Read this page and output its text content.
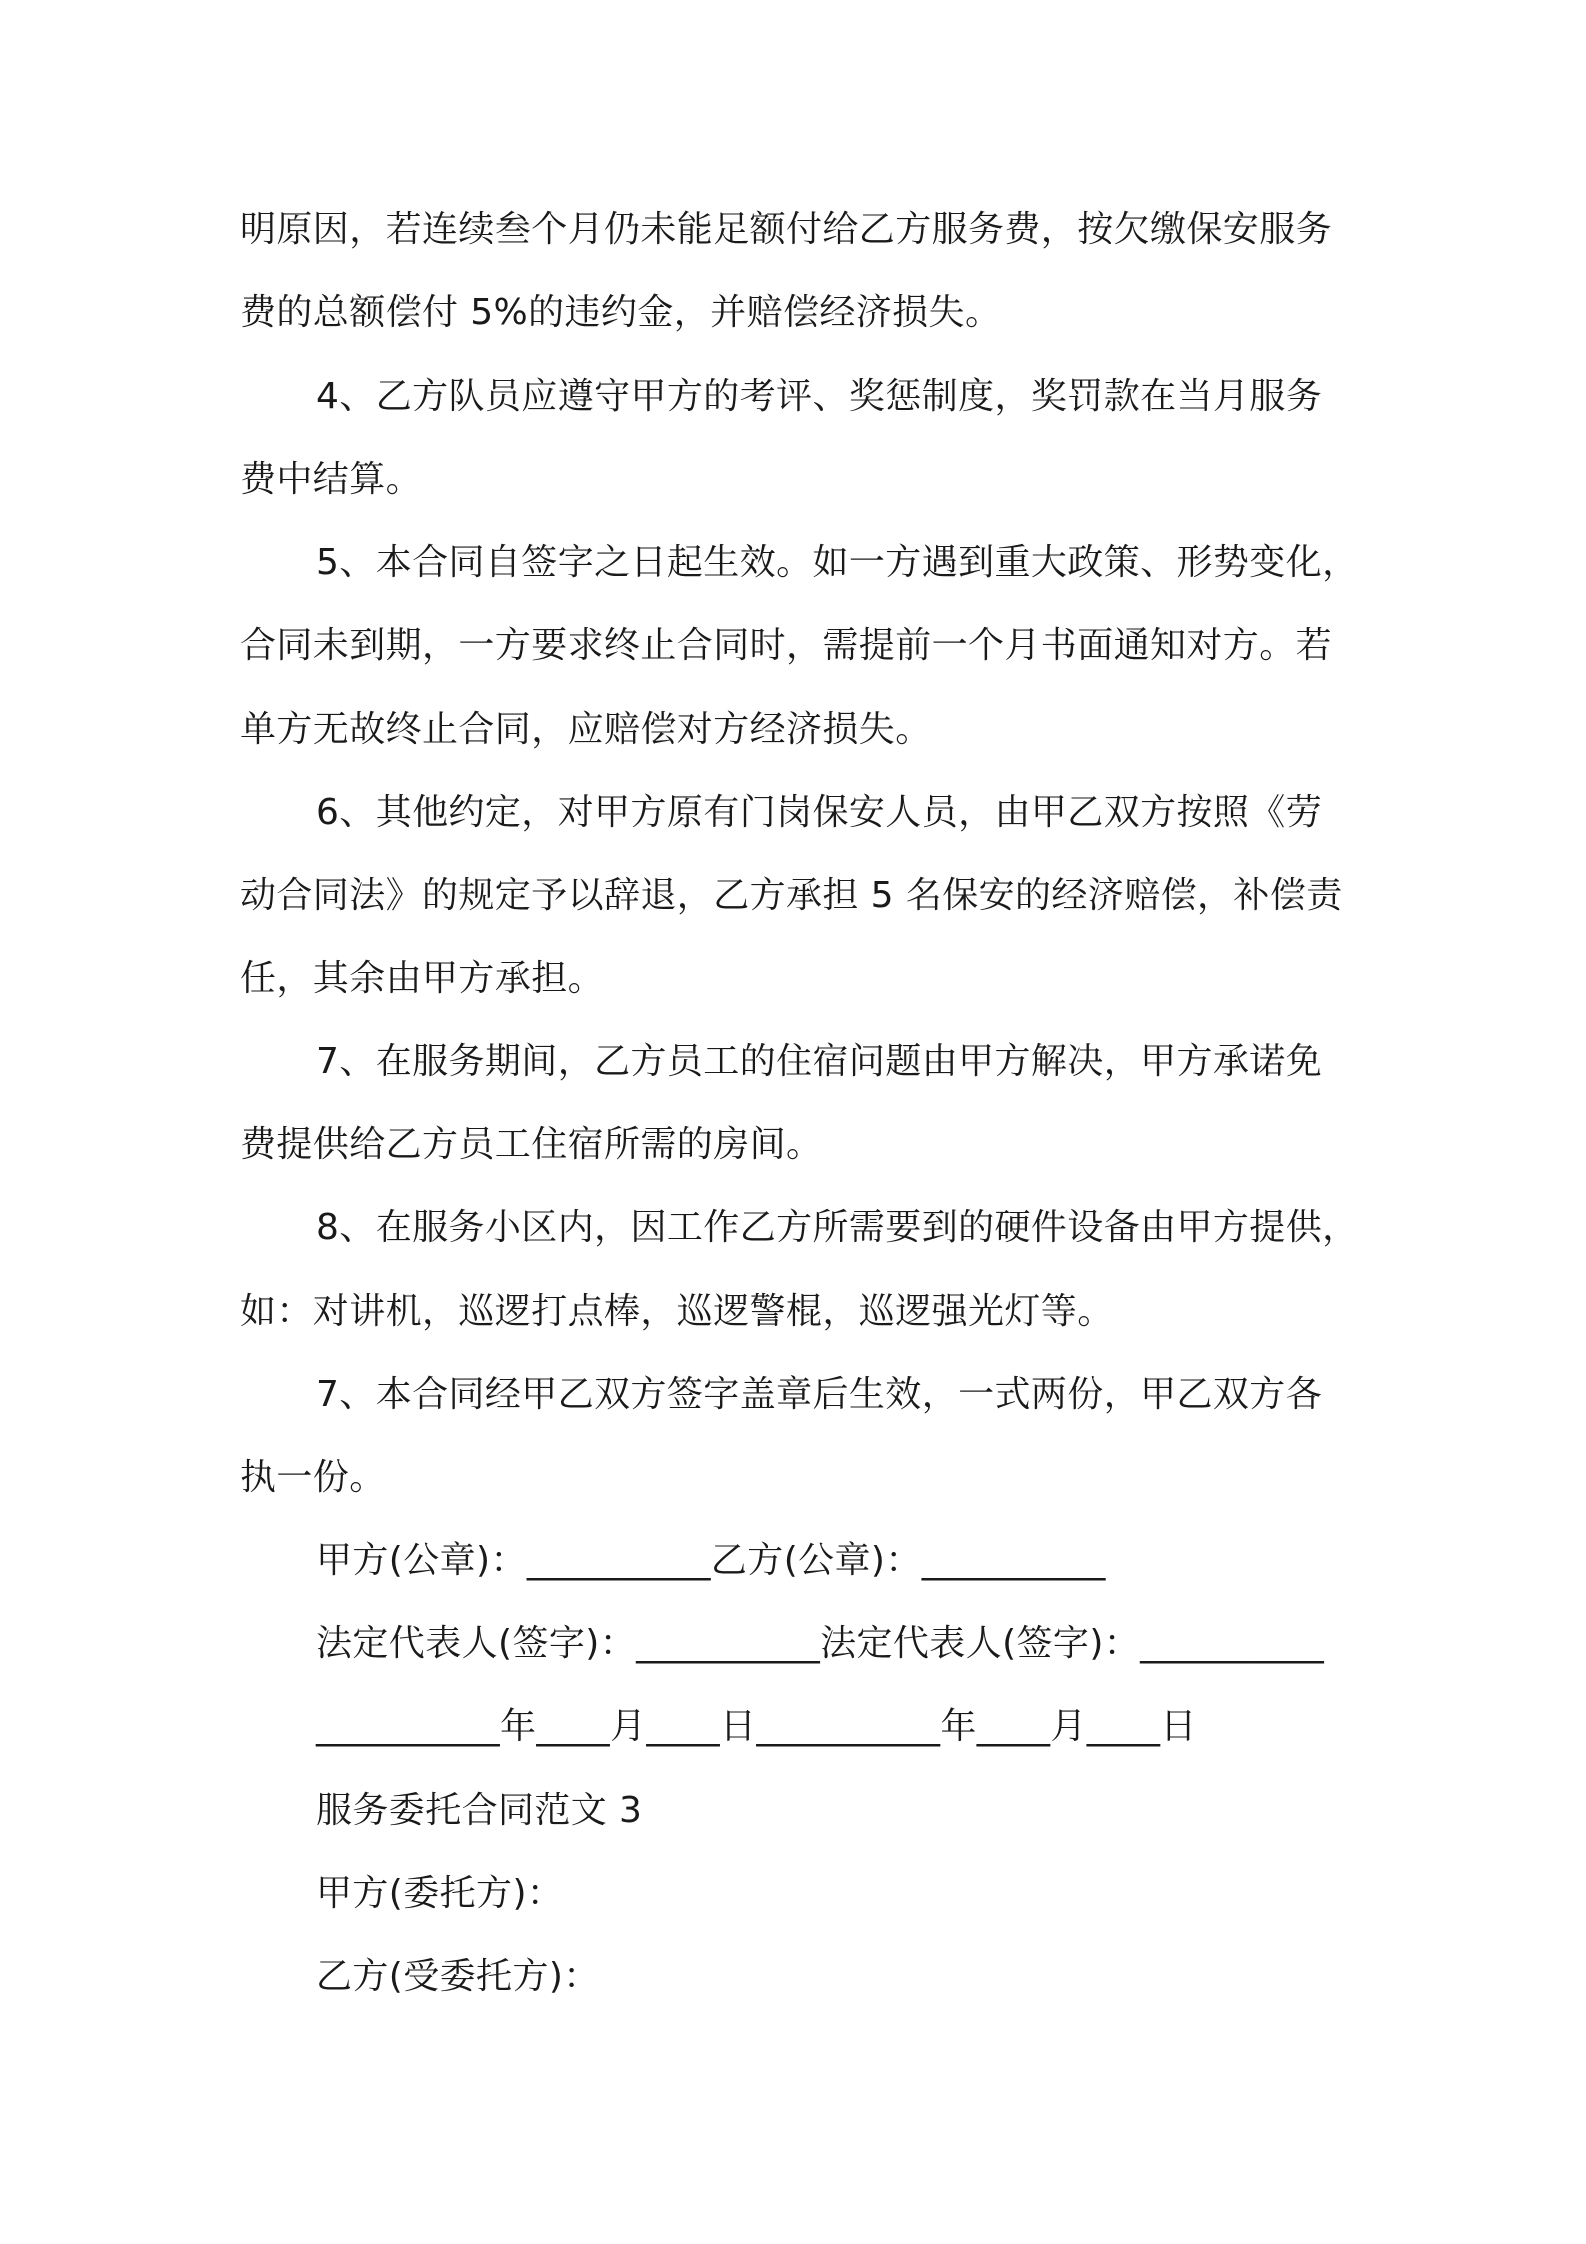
明原因，若连续叁个月仍未能足额付给乙方服务费，按欠缴保安服务
费的总额偿付 5%的违约金，并赔偿经济损失。
4、乙方队员应遵守甲方的考评、奖惩制度，奖罚款在当月服务
费中结算。
5、本合同自签字之日起生效。如一方遇到重大政策、形势变化，
合同未到期，一方要求终止合同时，需提前一个月书面通知对方。若
单方无故终止合同，应赔偿对方经济损失。
6、其他约定，对甲方原有门岗保安人员，由甲乙双方按照《劳
动合同法》的规定予以辞退，乙方承担 5 名保安的经济赔偿，补偿责
任，其余由甲方承担。
7、在服务期间，乙方员工的住宿问题由甲方解决，甲方承诺免
费提供给乙方员工住宿所需的房间。
8、在服务小区内，因工作乙方所需要到的硬件设备由甲方提供，
如：对讲机，巡逻打点棒，巡逻警棍，巡逻强光灯等。
7、本合同经甲乙双方签字盖章后生效，一式两份，甲乙双方各
执一份。
甲方(公章)：__________乙方(公章)：__________
法定代表人(签字)：__________法定代表人(签字)：__________
__________年____月____日__________年____月____日
服务委托合同范文 3
甲方(委托方)：
乙方(受委托方)：
